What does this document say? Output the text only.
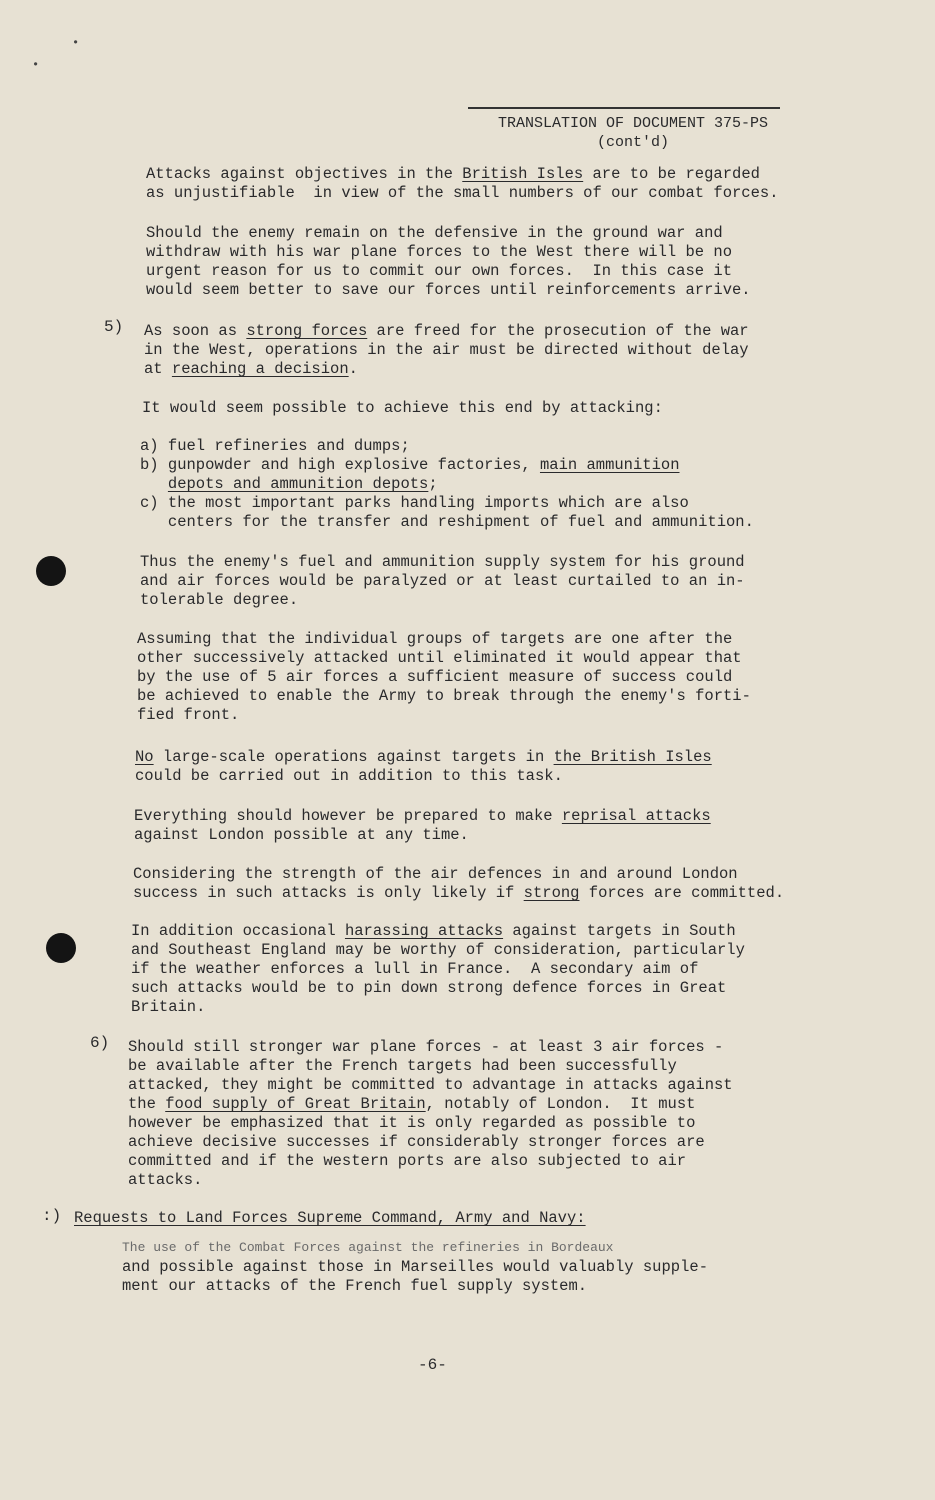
•
•
TRANSLATION OF DOCUMENT 375-PS
(cont'd)
Attacks against objectives in the British Isles are to be regarded
as unjustifiable  in view of the small numbers of our combat forces.
Should the enemy remain on the defensive in the ground war and
withdraw with his war plane forces to the West there will be no
urgent reason for us to commit our own forces.  In this case it
would seem better to save our forces until reinforcements arrive.
5) As soon as strong forces are freed for the prosecution of the war
in the West, operations in the air must be directed without delay
at reaching a decision.
It would seem possible to achieve this end by attacking:
a) fuel refineries and dumps;
b) gunpowder and high explosive factories, main ammunition
depots and ammunition depots;
c) the most important parks handling imports which are also
centers for the transfer and reshipment of fuel and ammunition.
Thus the enemy's fuel and ammunition supply system for his ground
and air forces would be paralyzed or at least curtailed to an in-
tolerable degree.
Assuming that the individual groups of targets are one after the
other successively attacked until eliminated it would appear that
by the use of 5 air forces a sufficient measure of success could
be achieved to enable the Army to break through the enemy's forti-
fied front.
No large-scale operations against targets in the British Isles
could be carried out in addition to this task.
Everything should however be prepared to make reprisal attacks
against London possible at any time.
Considering the strength of the air defences in and around London
success in such attacks is only likely if strong forces are committed.
In addition occasional harassing attacks against targets in South
and Southeast England may be worthy of consideration, particularly
if the weather enforces a lull in France.  A secondary aim of
such attacks would be to pin down strong defence forces in Great
Britain.
6) Should still stronger war plane forces - at least 3 air forces -
be available after the French targets had been successfully
attacked, they might be committed to advantage in attacks against
the food supply of Great Britain, notably of London.  It must
however be emphasized that it is only regarded as possible to
achieve decisive successes if considerably stronger forces are
committed and if the western ports are also subjected to air
attacks.
:) Requests to Land Forces Supreme Command, Army and Navy:
The use of the Combat Forces against the refineries in Bordeaux
and possible against those in Marseilles would valuably supple-
ment our attacks of the French fuel supply system.
-6-
